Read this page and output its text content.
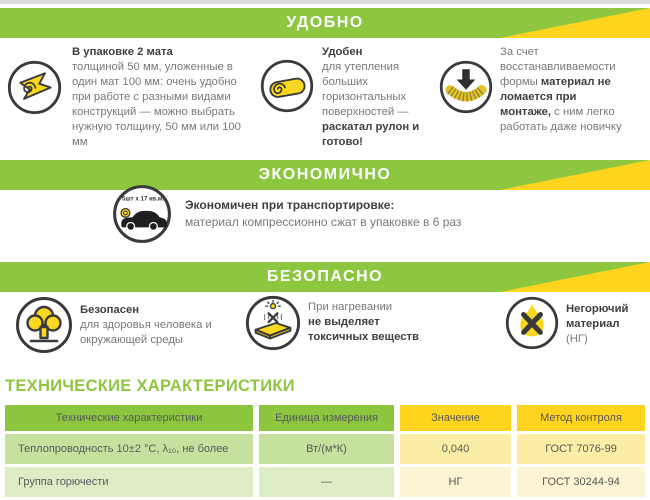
УДОБНО
В упаковке 2 мата
толщиной 50 мм, уложенные в один мат 100 мм: очень удобно при работе с разными видами конструкций — можно выбрать нужную толщину, 50 мм или 100 мм
Удобен
для утепления больших горизонтальных поверхностей —
раскатал рулон и готово!
За счет восстанавливаемости формы материал не ломается при монтаже, с ним легко работать даже новичку
ЭКОНОМИЧНО
5шт х 17 кв.м. Экономичен при транспортировке:
материал компрессионно сжат в упаковке в 6 раз
БЕЗОПАСНО
Безопасен
для здоровья человека и окружающей среды
При нагревании
не выделяет токсичных веществ
Негорючий материал
(НГ)
ТЕХНИЧЕСКИЕ ХАРАКТЕРИСТИКИ
Технические характеристики	Единица измерения	Значение	Метод контроля
Теплопроводность 10±2 °С, λ₁₀, не более	Вт/(м*К)	0,040	ГОСТ 7076-99
Группа горючести	—	НГ	ГОСТ 30244-94
